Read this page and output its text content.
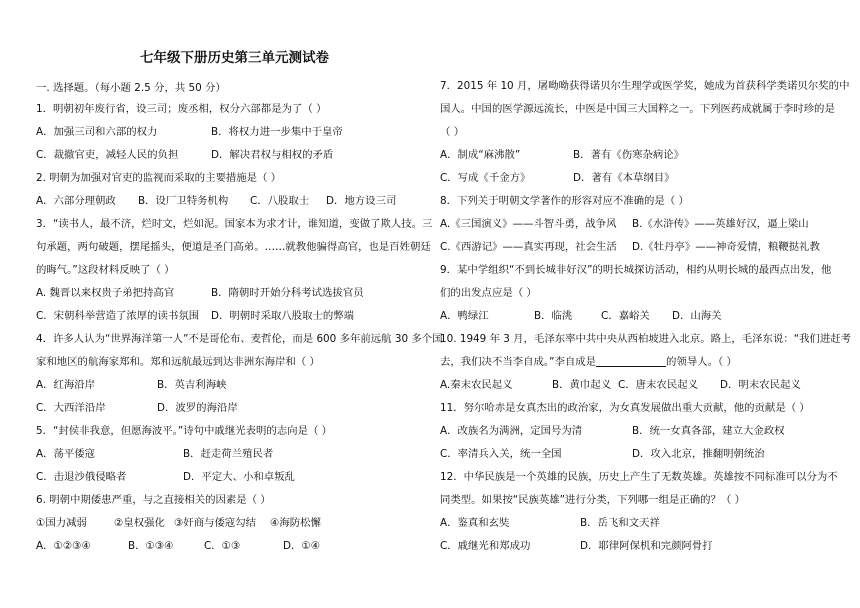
七年级下册历史第三单元测试卷
一. 选择题。（每小题 2.5 分，共 50 分）
1．明朝初年废行省，设三司；废丞相，权分六部都是为了（ ）
A．加强三司和六部的权力	B．将权力进一步集中于皇帝
C．裁撤官吏，减轻人民的负担	D．解决君权与相权的矛盾
2. 明朝为加强对官吏的监视而采取的主要措施是（ ）
A．六部分理朝政 B．设厂卫特务机构 C．八股取士 D．地方设三司
3．“读书人，最不济，烂时文，烂如泥。国家本为求才计，谁知道，变做了欺人技。三
句承题，两句破题，摆尾摇头，便道是圣门高弟。……就教他骗得高官，也是百姓朝廷
的晦气。”这段材料反映了（ ）
A. 魏晋以来权贵子弟把持高官	B．隋朝时开始分科考试选拔官员
C．宋朝科举营造了浓厚的读书氛围 D．明朝时采取八股取士的弊端
4．许多人认为“世界海洋第一人”不是哥伦布、麦哲伦，而是 600 多年前远航 30 多个国
家和地区的航海家郑和。郑和远航最远到达非洲东海岸和（ ）
A．红海沿岸	B．英吉利海峡
C．大西洋沿岸	D．波罗的海沿岸
5．“封侯非我意，但愿海波平。”诗句中戚继光表明的志向是（ ）
A．荡平倭寇	B．赶走荷兰殖民者
C．击退沙俄侵略者	D．平定大、小和卓叛乱
6. 明朝中期倭患严重，与之直接相关的因素是（ ）
①国力减弱	②皇权强化 ③奸商与倭寇勾结 ④海防松懈
A．①②③④	B．①③④	C．①③	D．①④
7．2015 年 10 月，屠呦呦获得诺贝尔生理学或医学奖，她成为首获科学类诺贝尔奖的中
国人。中国的医学源远流长，中医是中国三大国粹之一。下列医药成就属于李时珍的是
（ ）
A．制成“麻沸散”	B．著有《伤寒杂病论》
C．写成《千金方》	D．著有《本草纲目》
8．下列关于明朝文学著作的形容对应不准确的是（ ）
A.《三国演义》——斗智斗勇，战争风 B.《水浒传》——英雄好汉，逼上梁山
C.《西游记》——真实再现，社会生活 D.《牡丹亭》——神奇爱情，粮鞭挞礼教
9．某中学组织“不到长城非好汉”的明长城探访活动，相约从明长城的最西点出发，他
们的出发点应是（ ）
A．鸭绿江	B．临洮	C．嘉峪关 D．山海关
10. 1949 年 3 月，毛泽东率中共中央从西柏坡进入北京。路上，毛泽东说：“我们进赶考
去，我们决不当李自成。”李自成是	的领导人。（ ）
A.秦末农民起义	B．黄巾起义 C．唐末农民起义 D．明末农民起义
11．努尔哈赤是女真杰出的政治家，为女真发展做出重大贡献，他的贡献是（ ）
A．改族名为满洲，定国号为清	B．统一女真各部，建立大金政权
C．率清兵入关，统一全国	D．攻入北京，推翻明朝统治
12．中华民族是一个英雄的民族，历史上产生了无数英雄。英雄按不同标准可以分为不
同类型。如果按“民族英雄”进行分类，下列哪一组是正确的？（ ）
A．鉴真和玄奘	B．岳飞和文天祥
C．戚继光和郑成功	D．耶律阿保机和完颜阿骨打
